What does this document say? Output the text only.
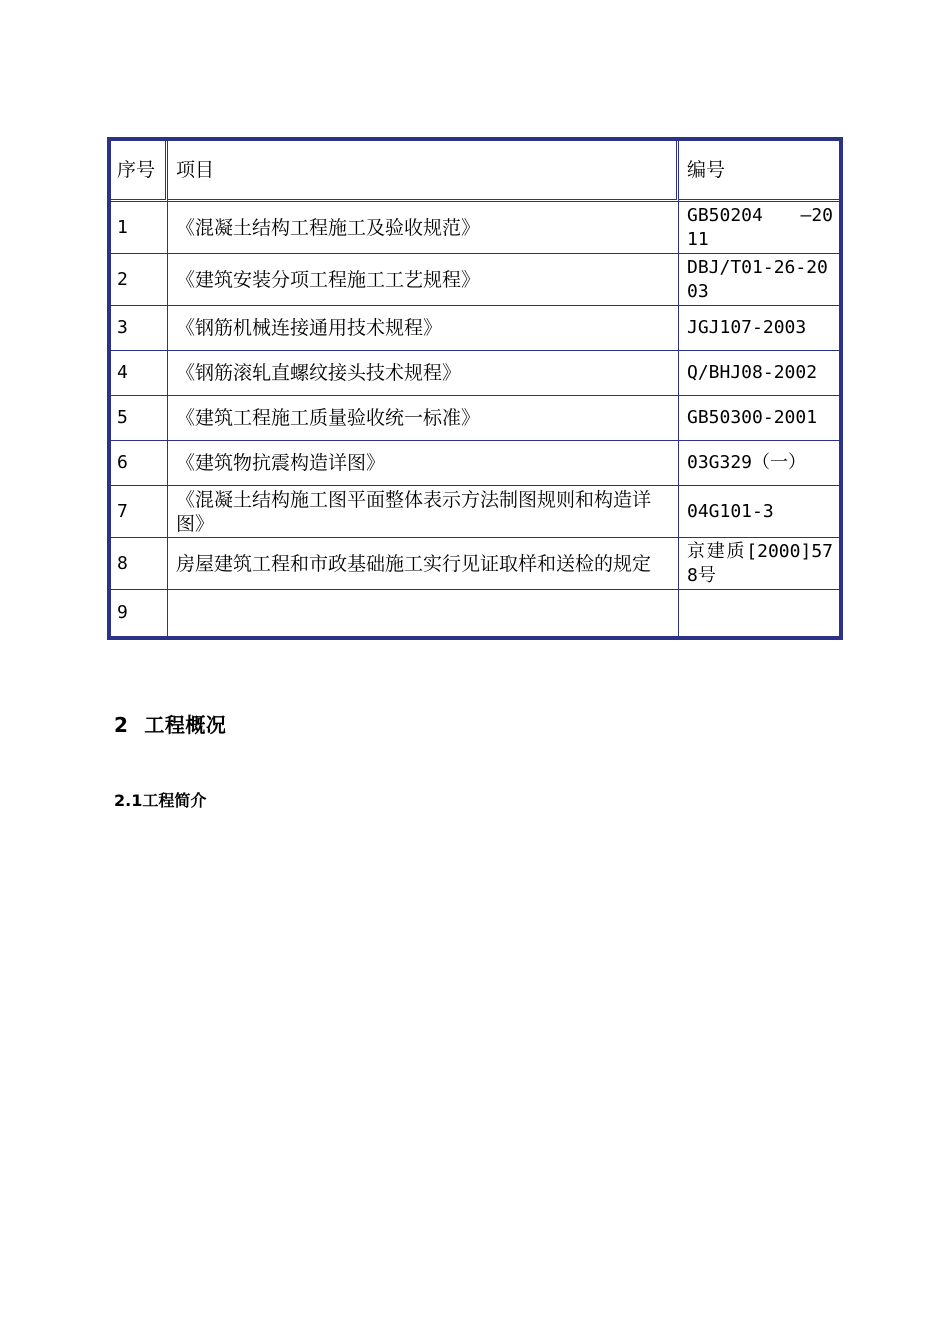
序号	项目	编号
1	《混凝土结构工程施工及验收规范》	GB50204　　—2011
2	《建筑安装分项工程施工工艺规程》	DBJ/T01-26-2003
3	《钢筋机械连接通用技术规程》	JGJ107-2003
4	《钢筋滚轧直螺纹接头技术规程》	Q/BHJ08-2002
5	《建筑工程施工质量验收统一标准》	GB50300-2001
6	《建筑物抗震构造详图》	03G329（一）
7	《混凝土结构施工图平面整体表示方法制图规则和构造详图》	04G101-3
8	房屋建筑工程和市政基础施工实行见证取样和送检的规定	京建质[2000]578号
9		
2 工程概况
2.1工程简介
